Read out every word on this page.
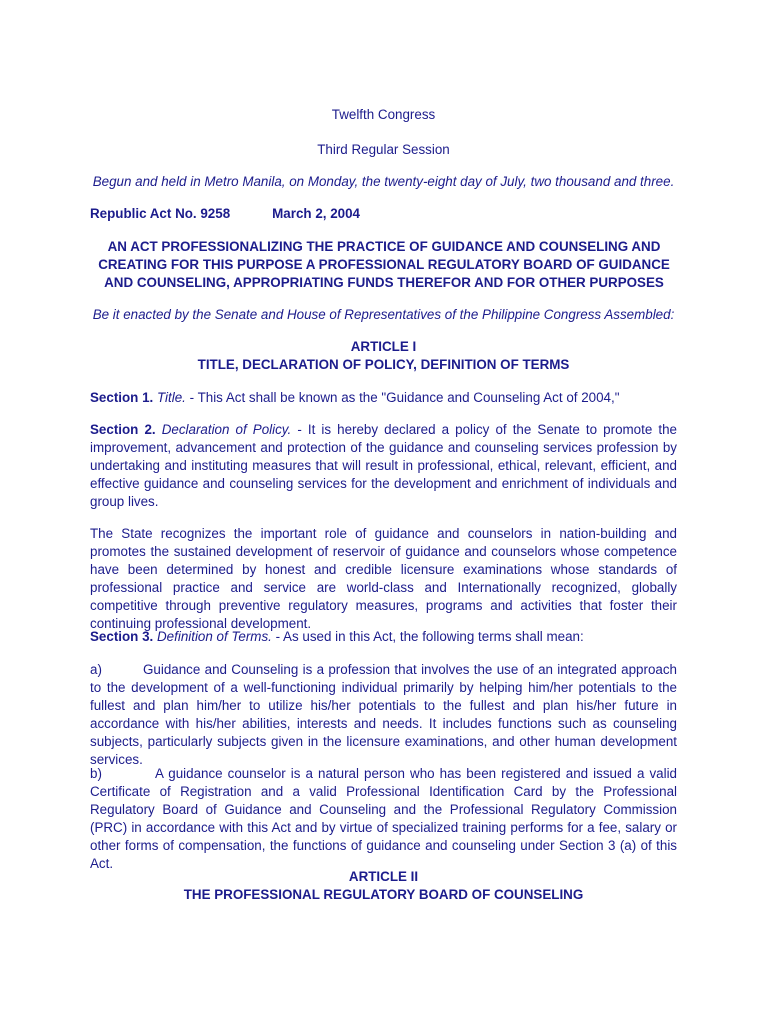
Twelfth Congress

Third Regular Session

Begun and held in Metro Manila, on Monday, the twenty-eight day of July, two thousand and three.

Republic Act No. 9258	March 2, 2004

AN ACT PROFESSIONALIZING THE PRACTICE OF GUIDANCE AND COUNSELING AND CREATING FOR THIS PURPOSE A PROFESSIONAL REGULATORY BOARD OF GUIDANCE AND COUNSELING, APPROPRIATING FUNDS THEREFOR AND FOR OTHER PURPOSES

Be it enacted by the Senate and House of Representatives of the Philippine Congress Assembled:

ARTICLE I
TITLE, DECLARATION OF POLICY, DEFINITION OF TERMS

Section 1. Title. - This Act shall be known as the "Guidance and Counseling Act of 2004,"

Section 2. Declaration of Policy. - It is hereby declared a policy of the Senate to promote the improvement, advancement and protection of the guidance and counseling services profession by undertaking and instituting measures that will result in professional, ethical, relevant, efficient, and effective guidance and counseling services for the development and enrichment of individuals and group lives.

The State recognizes the important role of guidance and counselors in nation-building and promotes the sustained development of reservoir of guidance and counselors whose competence have been determined by honest and credible licensure examinations whose standards of professional practice and service are world-class and Internationally recognized, globally competitive through preventive regulatory measures, programs and activities that foster their continuing professional development.

Section 3. Definition of Terms. - As used in this Act, the following terms shall mean:

a)	Guidance and Counseling is a profession that involves the use of an integrated approach to the development of a well-functioning individual primarily by helping him/her potentials to the fullest and plan him/her to utilize his/her potentials to the fullest and plan his/her future in accordance with his/her abilities, interests and needs. It includes functions such as counseling subjects, particularly subjects given in the licensure examinations, and other human development services.

b)	A guidance counselor is a natural person who has been registered and issued a valid Certificate of Registration and a valid Professional Identification Card by the Professional Regulatory Board of Guidance and Counseling and the Professional Regulatory Commission (PRC) in accordance with this Act and by virtue of specialized training performs for a fee, salary or other forms of compensation, the functions of guidance and counseling under Section 3 (a) of this Act.

ARTICLE II
THE PROFESSIONAL REGULATORY BOARD OF COUNSELING
